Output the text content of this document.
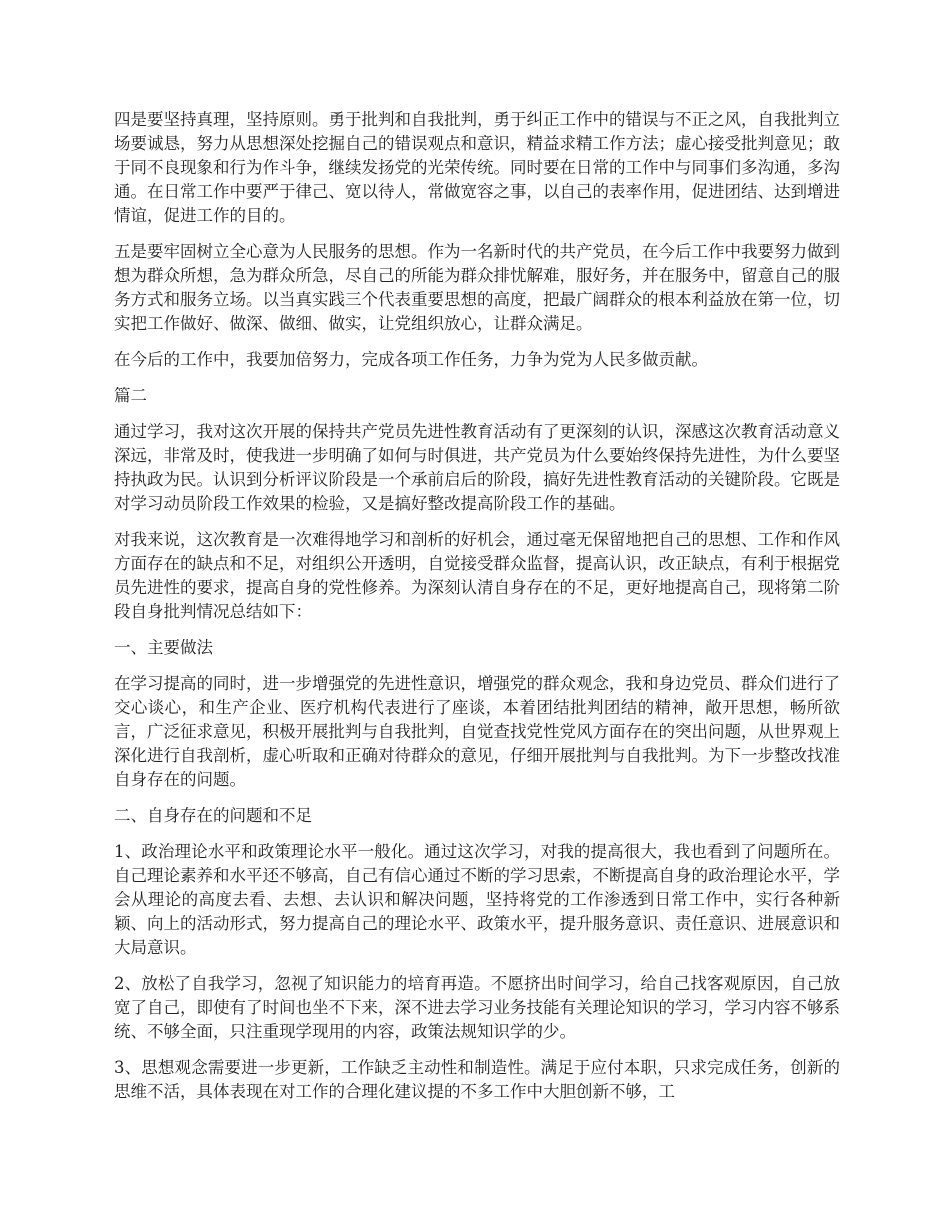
四是要坚持真理，坚持原则。勇于批判和自我批判，勇于纠正工作中的错误与不正之风，自我批判立场要诚恳，努力从思想深处挖掘自己的错误观点和意识，精益求精工作方法；虚心接受批判意见；敢于同不良现象和行为作斗争，继续发扬党的光荣传统。同时要在日常的工作中与同事们多沟通，多沟通。在日常工作中要严于律己、宽以待人，常做宽容之事，以自己的表率作用，促进团结、达到增进情谊，促进工作的目的。

五是要牢固树立全心意为人民服务的思想。作为一名新时代的共产党员，在今后工作中我要努力做到想为群众所想，急为群众所急，尽自己的所能为群众排忧解难，服好务，并在服务中，留意自己的服务方式和服务立场。以当真实践三个代表重要思想的高度，把最广阔群众的根本利益放在第一位，切实把工作做好、做深、做细、做实，让党组织放心，让群众满足。

在今后的工作中，我要加倍努力，完成各项工作任务，力争为党为人民多做贡献。

篇二

通过学习，我对这次开展的保持共产党员先进性教育活动有了更深刻的认识，深感这次教育活动意义深远，非常及时，使我进一步明确了如何与时俱进，共产党员为什么要始终保持先进性，为什么要坚持执政为民。认识到分析评议阶段是一个承前启后的阶段，搞好先进性教育活动的关键阶段。它既是对学习动员阶段工作效果的检验，又是搞好整改提高阶段工作的基础。

对我来说，这次教育是一次难得地学习和剖析的好机会，通过毫无保留地把自己的思想、工作和作风方面存在的缺点和不足，对组织公开透明，自觉接受群众监督，提高认识，改正缺点，有利于根据党员先进性的要求，提高自身的党性修养。为深刻认清自身存在的不足，更好地提高自己，现将第二阶段自身批判情况总结如下：

一、主要做法

在学习提高的同时，进一步增强党的先进性意识，增强党的群众观念，我和身边党员、群众们进行了交心谈心，和生产企业、医疗机构代表进行了座谈，本着团结批判团结的精神，敞开思想，畅所欲言，广泛征求意见，积极开展批判与自我批判，自觉查找党性党风方面存在的突出问题，从世界观上深化进行自我剖析，虚心听取和正确对待群众的意见，仔细开展批判与自我批判。为下一步整改找准自身存在的问题。

二、自身存在的问题和不足

1、政治理论水平和政策理论水平一般化。通过这次学习，对我的提高很大，我也看到了问题所在。自己理论素养和水平还不够高，自己有信心通过不断的学习思索，不断提高自身的政治理论水平，学会从理论的高度去看、去想、去认识和解决问题，坚持将党的工作渗透到日常工作中，实行各种新颖、向上的活动形式，努力提高自己的理论水平、政策水平，提升服务意识、责任意识、进展意识和大局意识。

2、放松了自我学习，忽视了知识能力的培育再造。不愿挤出时间学习，给自己找客观原因，自己放宽了自己，即使有了时间也坐不下来，深不进去学习业务技能有关理论知识的学习，学习内容不够系统、不够全面，只注重现学现用的内容，政策法规知识学的少。

3、思想观念需要进一步更新，工作缺乏主动性和制造性。满足于应付本职，只求完成任务，创新的思维不活，具体表现在对工作的合理化建议提的不多工作中大胆创新不够，工
